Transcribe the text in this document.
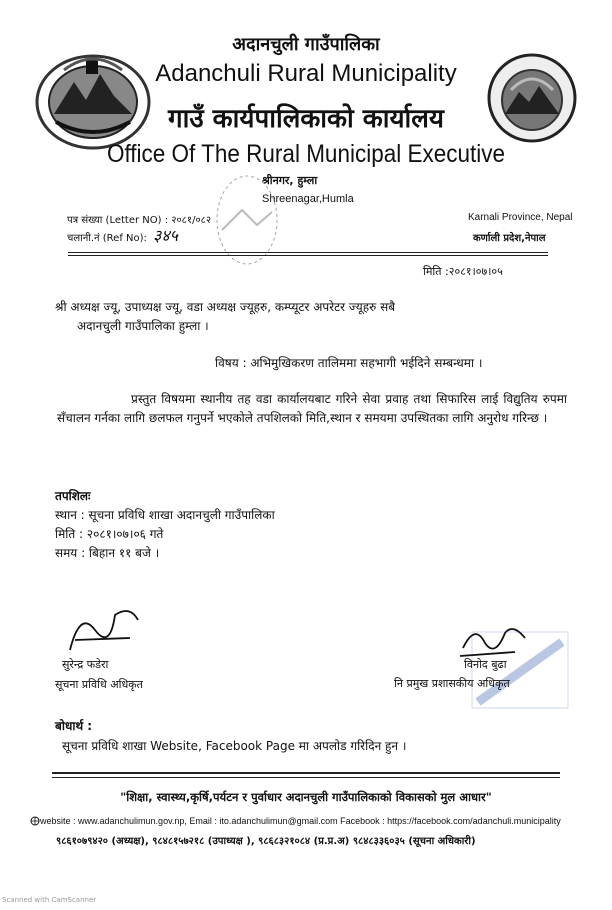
अदानचुली गाउँपालिका
Adanchuli Rural Municipality
गाउँ कार्यपालिकाको कार्यालय
Office Of The Rural Municipal Executive
श्रीनगर, हुम्ला
Shreenagar,Humla
पत्र संख्या (Letter NO) : २०८१/०८२
चलानी.नं (Ref No): ३४५
Karnali Province, Nepal
कर्णाली प्रदेश,नेपाल
मिति :२०८१।०७।०५
श्री अध्यक्ष ज्यू, उपाध्यक्ष ज्यू, वडा अध्यक्ष ज्यूहरु, कम्प्यूटर अपरेटर ज्यूहरु सबै
अदानचुली गाउँपालिका हुम्ला ।
विषय : अभिमुखिकरण तालिममा सहभागी भईदिने सम्बन्धमा ।
प्रस्तुत विषयमा स्थानीय तह वडा कार्यालयबाट गरिने सेवा प्रवाह तथा सिफारिस लाई विद्युतिय रुपमा सँचालन गर्नका लागि छलफल गनुपर्ने भएकोले तपशिलको मिति,स्थान र समयमा उपस्थितका लागि अनुरोध गरिन्छ ।
तपशिलः
स्थान : सूचना प्रविधि शाखा अदानचुली गाउँपालिका
मिति : २०८१।०७।०६ गते
समय : बिहान ११ बजे ।
सुरेन्द्र फडेरा
सूचना प्रविधि अधिकृत
विनोद बुढा
नि प्रमुख प्रशासकीय अधिकृत
बोधार्थ :
सूचना प्रविधि शाखा Website, Facebook Page मा अपलोड गरिदिन हुन ।
"शिक्षा, स्वास्थ्य,कृर्षि,पर्यटन र पुर्वाधार अदानचुली गाउँपालिकाको विकासको मुल आधार"
website : www.adanchulimun.gov.np, Email : ito.adanchulimun@gmail.com Facebook : https://facebook.com/adanchuli.municipality
९८६१०७९४२० (अध्यक्ष), ९८४८१५७२१८ (उपाध्यक्ष ), ९८६८३२१०८४ (प्र.प्र.अ) ९८४८३३६०३५ (सूचना अधिकारी)
Scanned with CamScanner
